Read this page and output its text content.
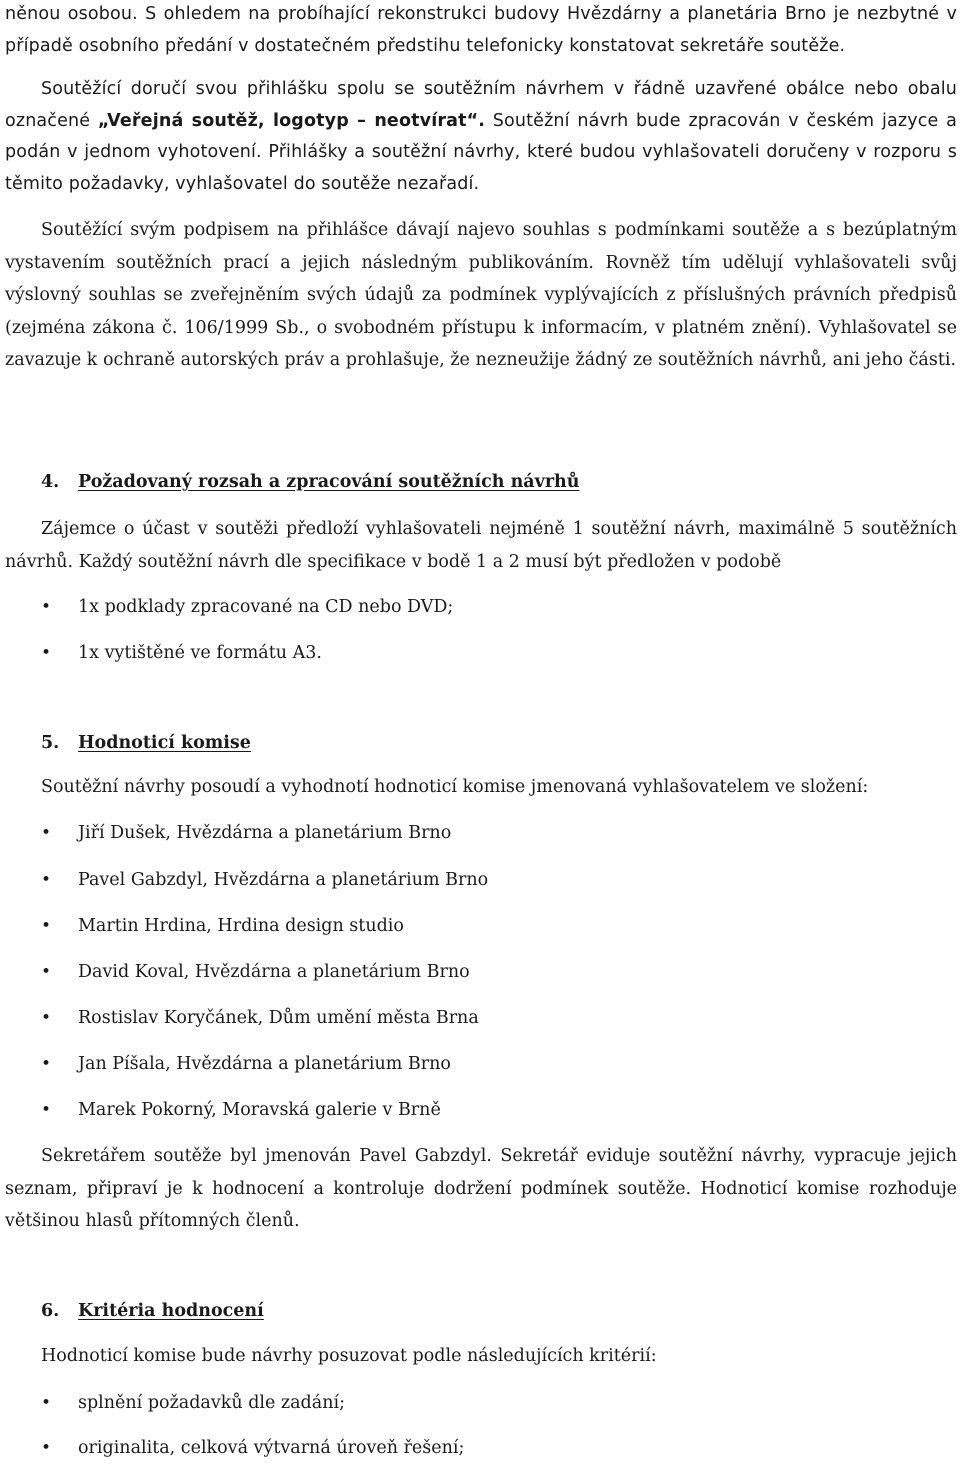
něnou osobou. S ohledem na probíhající rekonstrukci budovy Hvězdárny a planetária Brno je nezbytné v případě osobního předání v dostatečném předstihu telefonicky konstatovat sekretáře soutěže.

Soutěžící doručí svou přihlášku spolu se soutěžním návrhem v řádně uzavřené obálce nebo obalu označené „Veřejná soutěž, logotyp – neotvírat“. Soutěžní návrh bude zpracován v českém jazyce a podán v jednom vyhotovení. Přihlášky a soutěžní návrhy, které budou vyhlašovateli doručeny v rozporu s těmito požadavky, vyhlašovatel do soutěže nezařadí.

Soutěžící svým podpisem na přihlášce dávají najevo souhlas s podmínkami soutěže a s bezúplatným vystavením soutěžních prací a jejich následným publikováním. Rovněž tím udělují vyhlašovateli svůj výslovný souhlas se zveřejněním svých údajů za podmínek vyplývajících z příslušných právních předpisů (zejména zákona č. 106/1999 Sb., o svobodném přístupu k informacím, v platném znění). Vyhlašovatel se zavazuje k ochraně autorských práv a prohlašuje, že nezneužije žádný ze soutěžních návrhů, ani jeho části.

4. Požadovaný rozsah a zpracování soutěžních návrhů

Zájemce o účast v soutěži předloží vyhlašovateli nejméně 1 soutěžní návrh, maximálně 5 soutěžních návrhů. Každý soutěžní návrh dle specifikace v bodě 1 a 2 musí být předložen v podobě

•1x podklady zpracované na CD nebo DVD;
•1x vytištěné ve formátu A3.
5. Hodnoticí komise

Soutěžní návrhy posoudí a vyhodnotí hodnoticí komise jmenovaná vyhlašovatelem ve složení:

•Jiří Dušek, Hvězdárna a planetárium Brno
•Pavel Gabzdyl, Hvězdárna a planetárium Brno
•Martin Hrdina, Hrdina design studio
•David Koval, Hvězdárna a planetárium Brno
•Rostislav Koryčánek, Dům umění města Brna
•Jan Píšala, Hvězdárna a planetárium Brno
•Marek Pokorný, Moravská galerie v Brně

Sekretářem soutěže byl jmenován Pavel Gabzdyl. Sekretář eviduje soutěžní návrhy, vypracuje jejich seznam, připraví je k hodnocení a kontroluje dodržení podmínek soutěže. Hodnoticí komise rozhoduje většinou hlasů přítomných členů.

6. Kritéria hodnocení

Hodnoticí komise bude návrhy posuzovat podle následujících kritérií:

•splnění požadavků dle zadání;
•originalita, celková výtvarná úroveň řešení;
